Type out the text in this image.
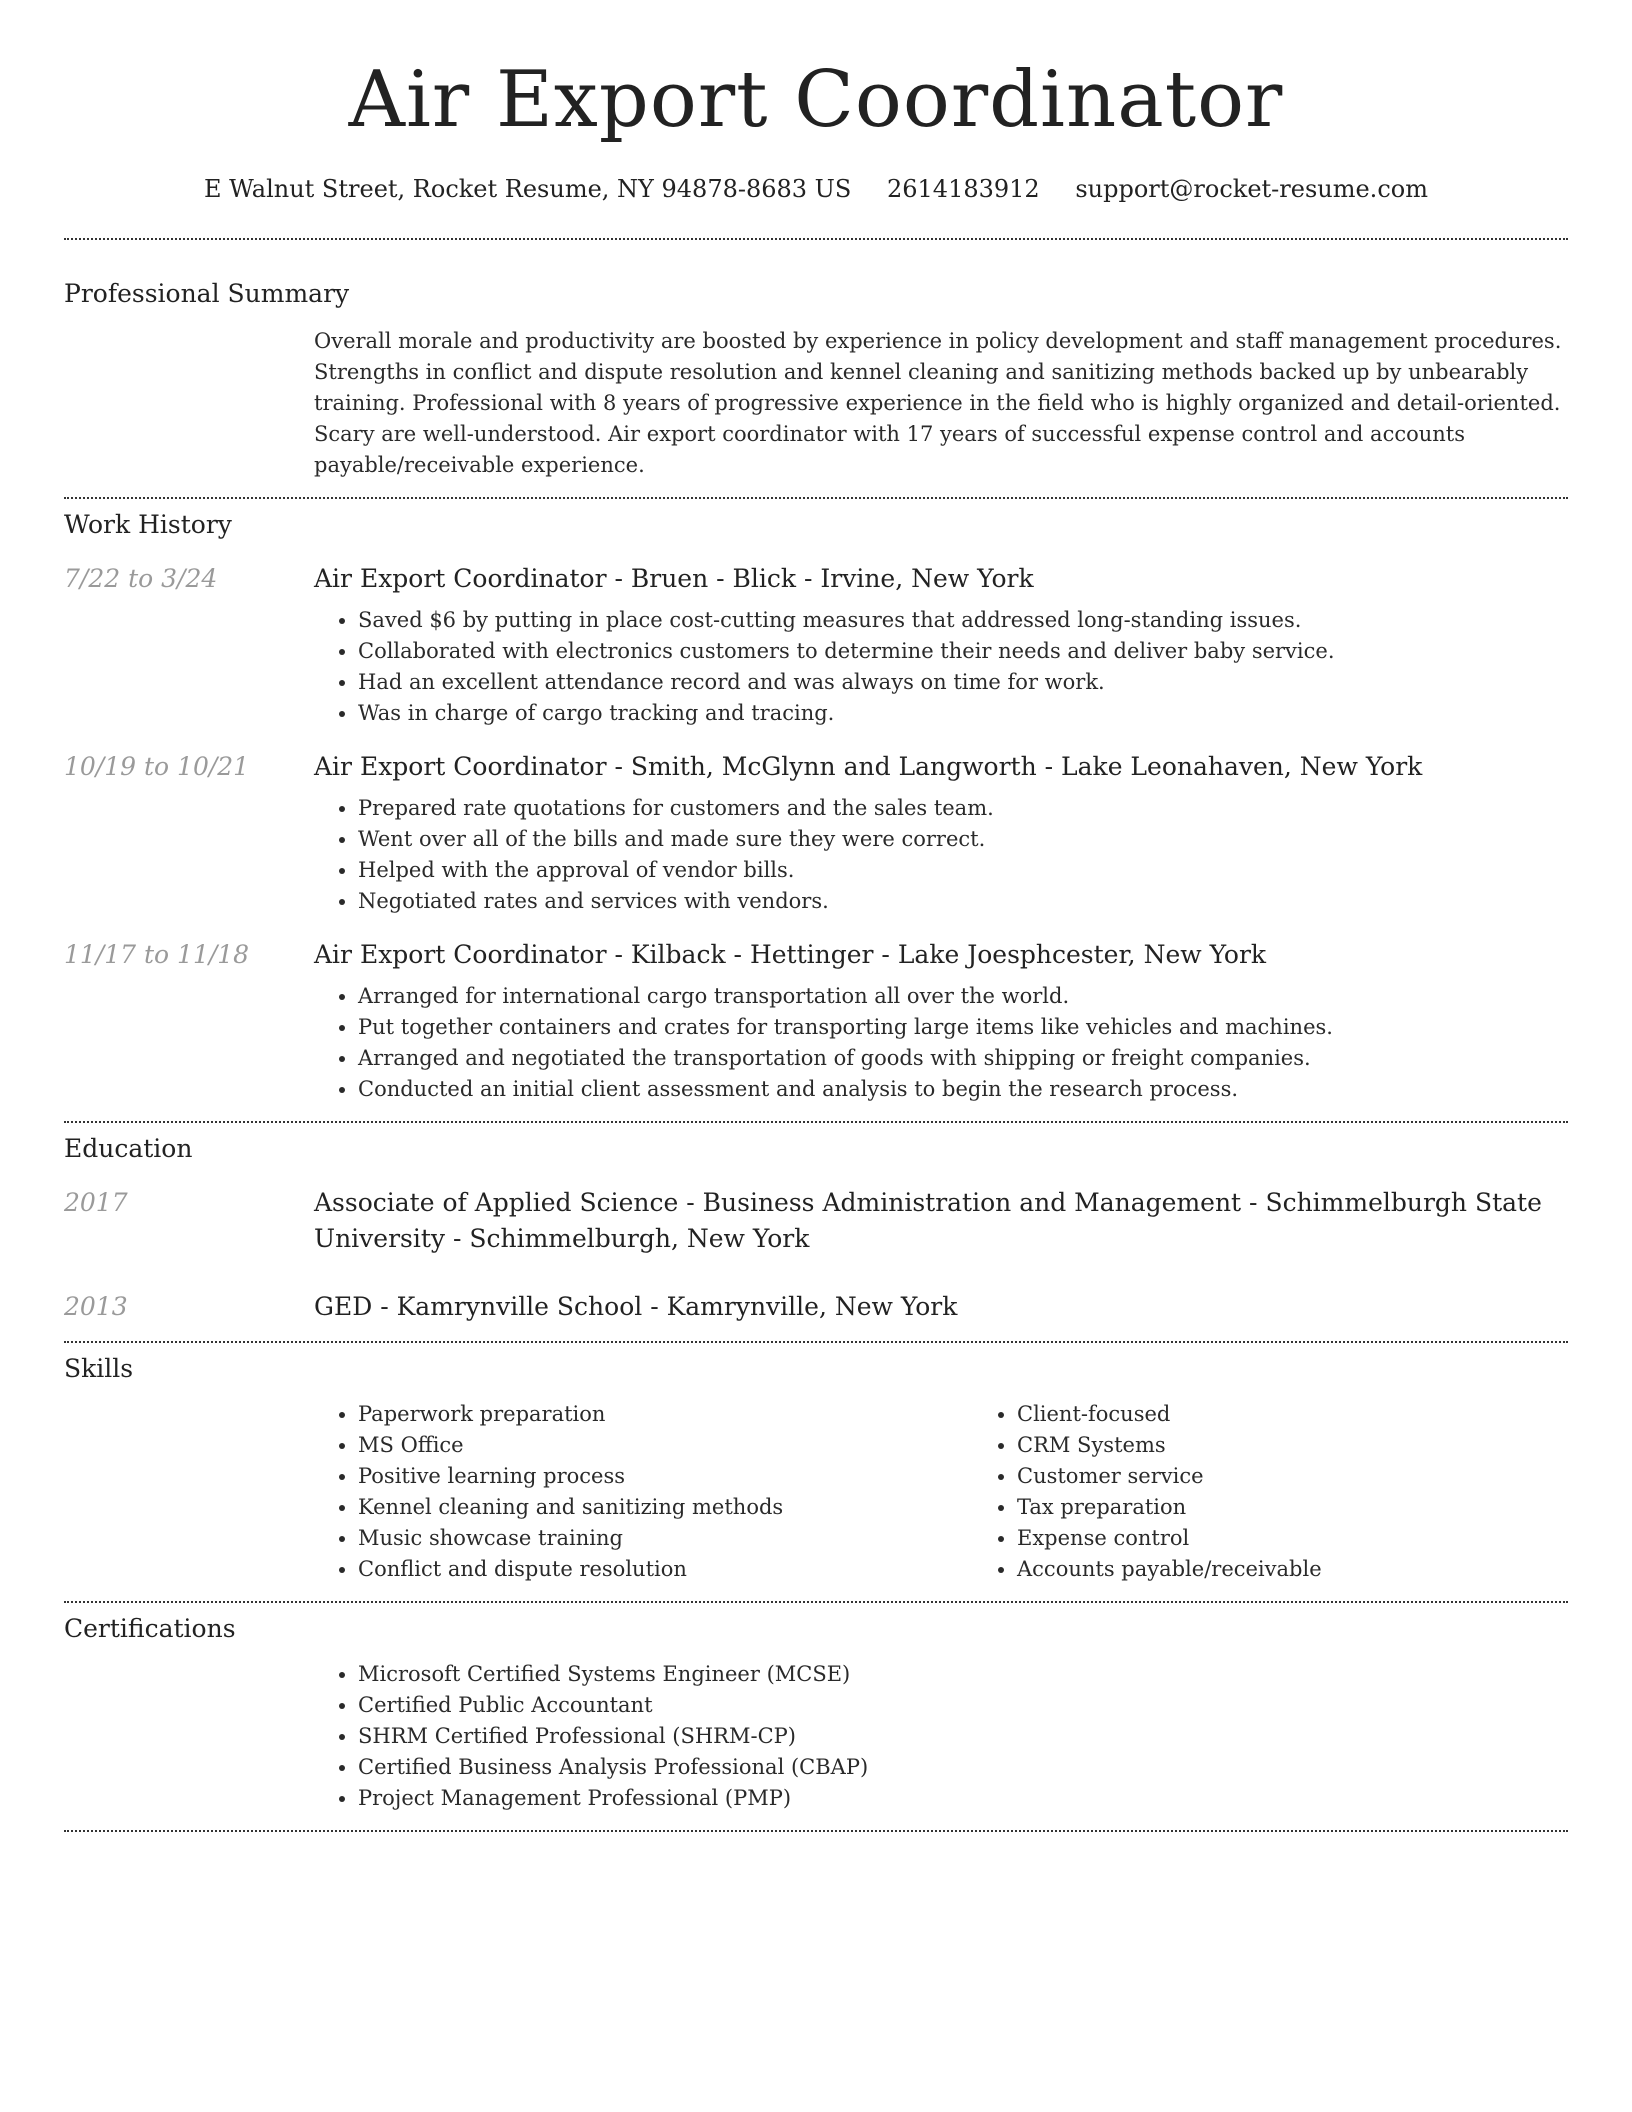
Air Export Coordinator
E Walnut Street, Rocket Resume, NY 94878-8683 US 2614183912 support@rocket-resume.com
Professional Summary
Overall morale and productivity are boosted by experience in policy development and staff management procedures. Strengths in conflict and dispute resolution and kennel cleaning and sanitizing methods backed up by unbearably training. Professional with 8 years of progressive experience in the field who is highly organized and detail-oriented. Scary are well-understood. Air export coordinator with 17 years of successful expense control and accounts payable/receivable experience.
Work History
7/22 to 3/24	Air Export Coordinator - Bruen - Blick - Irvine, New York
• Saved $6 by putting in place cost-cutting measures that addressed long-standing issues.
• Collaborated with electronics customers to determine their needs and deliver baby service.
• Had an excellent attendance record and was always on time for work.
• Was in charge of cargo tracking and tracing.
10/19 to 10/21	Air Export Coordinator - Smith, McGlynn and Langworth - Lake Leonahaven, New York
• Prepared rate quotations for customers and the sales team.
• Went over all of the bills and made sure they were correct.
• Helped with the approval of vendor bills.
• Negotiated rates and services with vendors.
11/17 to 11/18	Air Export Coordinator - Kilback - Hettinger - Lake Joesphcester, New York
• Arranged for international cargo transportation all over the world.
• Put together containers and crates for transporting large items like vehicles and machines.
• Arranged and negotiated the transportation of goods with shipping or freight companies.
• Conducted an initial client assessment and analysis to begin the research process.
Education
2017	Associate of Applied Science - Business Administration and Management - Schimmelburgh State University - Schimmelburgh, New York
2013	GED - Kamrynville School - Kamrynville, New York
Skills
• Paperwork preparation
• MS Office
• Positive learning process
• Kennel cleaning and sanitizing methods
• Music showcase training
• Conflict and dispute resolution
• Client-focused
• CRM Systems
• Customer service
• Tax preparation
• Expense control
• Accounts payable/receivable
Certifications
• Microsoft Certified Systems Engineer (MCSE)
• Certified Public Accountant
• SHRM Certified Professional (SHRM-CP)
• Certified Business Analysis Professional (CBAP)
• Project Management Professional (PMP)
